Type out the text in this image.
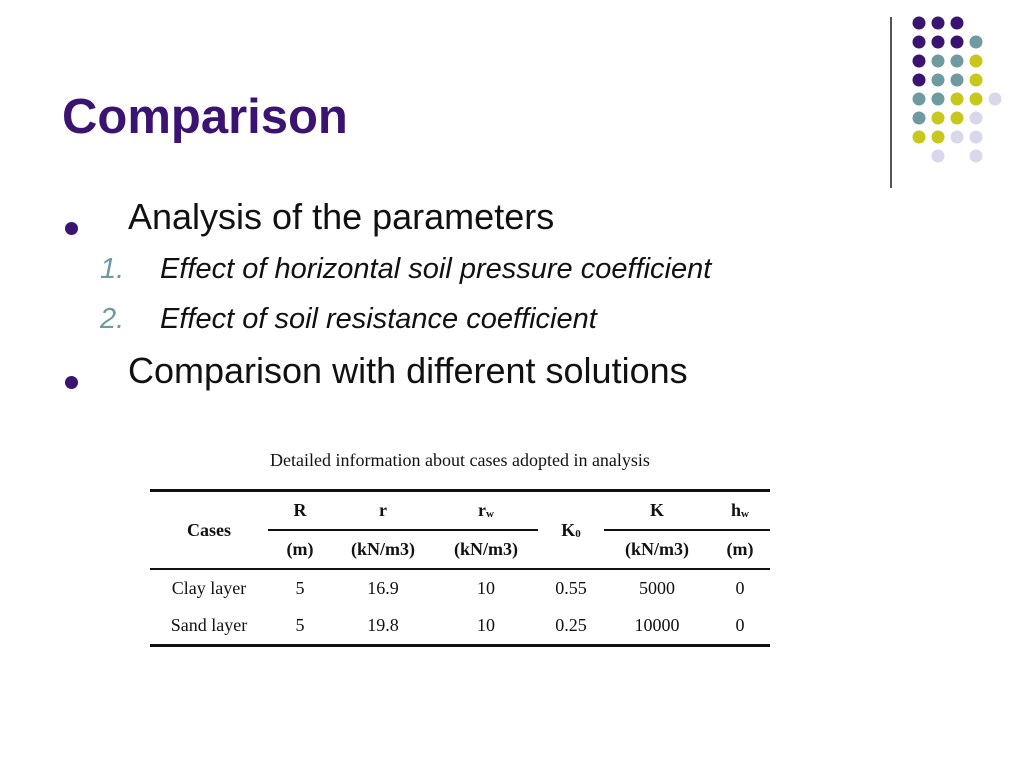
Comparison
Analysis of the parameters
1. Effect of horizontal soil pressure coefficient
2. Effect of soil resistance coefficient
Comparison with different solutions
Detailed information about cases adopted in analysis
Cases	R	r	$r_w$	$K_0$	K	$h_w$
	(m)	(kN/m3)	(kN/m3)		(kN/m3)	(m)
Clay layer	5	16.9	10	0.55	5000	0
Sand layer	5	19.8	10	0.25	10000	0
